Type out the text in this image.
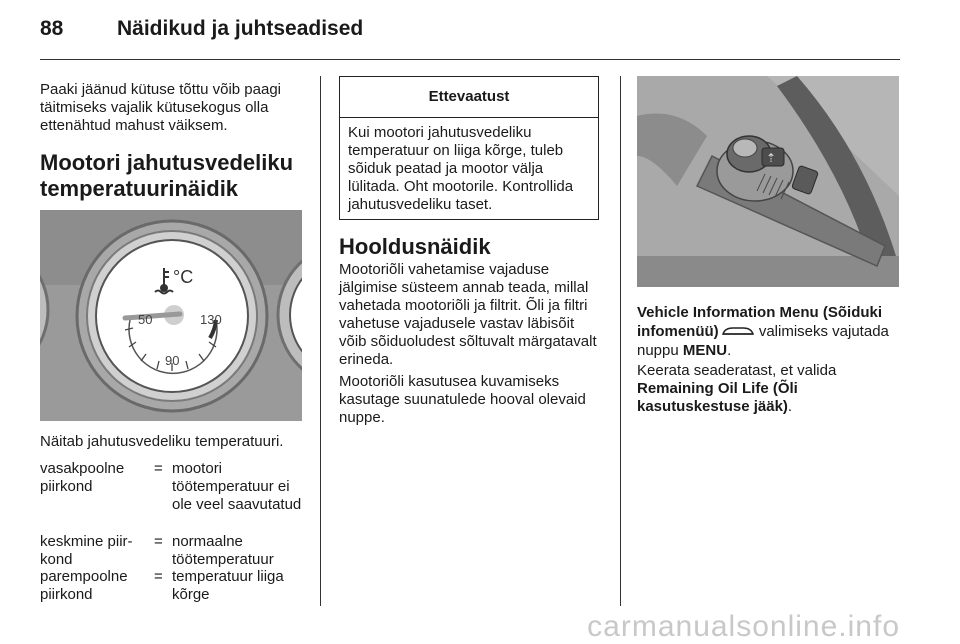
88	Näidikud ja juhtseadised
Paaki jäänud kütuse tõttu võib paagi täitmiseks vajalik kütusekogus olla ettenähtud mahust väiksem.
Mootori jahutusvedeliku temperatuurinäidik
50
90
130
°C
Näitab jahutusvedeliku temperatuuri.
vasakpoolne piirkond
= mootori töötemperatuur ei ole veel saavutatud
keskmine piir- kond
= normaalne töötemperatuur
parempoolne piirkond
= temperatuur liiga kõrge
Ettevaatust
Kui mootori jahutusvedeliku temperatuur on liiga kõrge, tuleb sõiduk peatad ja mootor välja lülitada. Oht mootorile. Kontrollida jahutusvedeliku taset.
Hooldusnäidik
Mootoriõli vahetamise vajaduse jälgimise süsteem annab teada, millal vahetada mootoriõli ja filtrit. Õli ja filtri vahetuse vajadusele vastav läbisõit võib sõiduoludest sõltuvalt märgatavalt erineda.
Mootoriõli kasutusea kuvamiseks kasutage suunatulede hooval olevaid nuppe.
⇡
Vehicle Information Menu (Sõiduki infomenüü) valimiseks vajutada nuppu MENU.
Keerata seaderatast, et valida Remaining Oil Life (Õli kasutuskestuse jääk).
carmanualsonline.info
